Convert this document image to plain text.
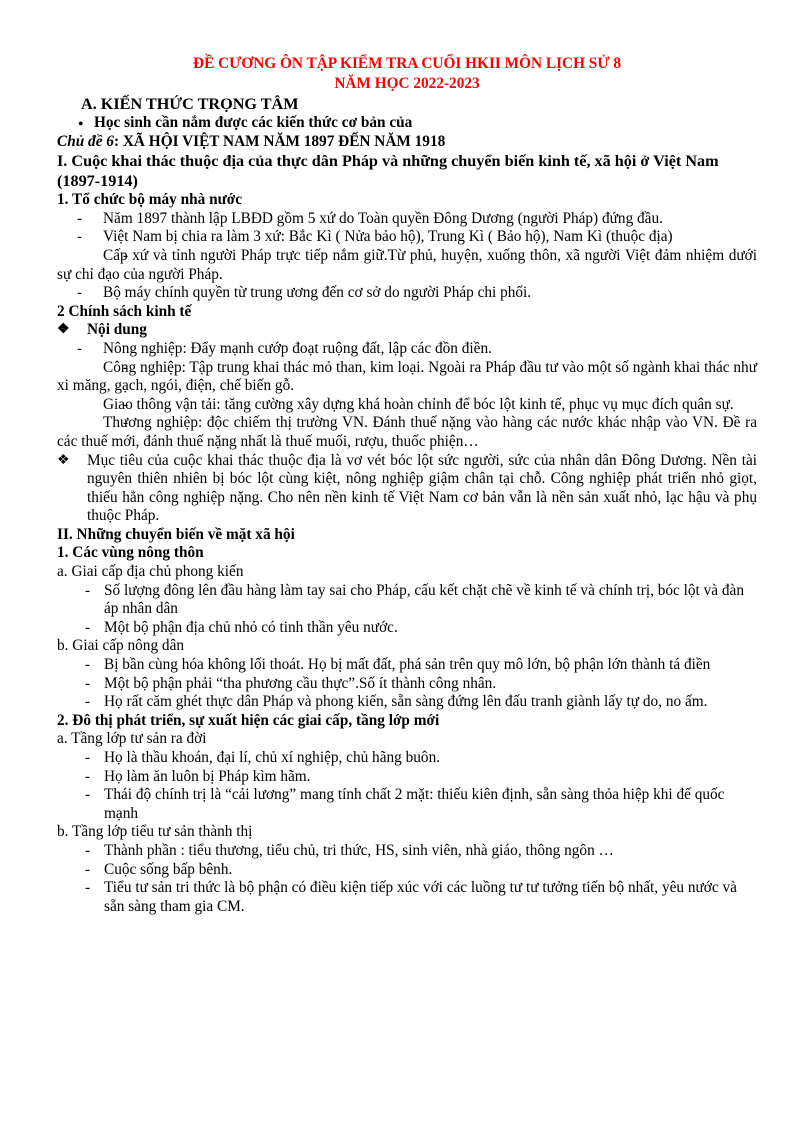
ĐỀ CƯƠNG ÔN TẬP KIỂM TRA CUỐI HKII MÔN LỊCH SỬ 8

NĂM HỌC 2022-2023

A. KIẾN THỨC TRỌNG TÂM

● Học sinh cần nắm được các kiến thức cơ bản của

Chủ đề 6: XÃ HỘI VIỆT NAM NĂM 1897 ĐẾN NĂM 1918

I. Cuộc khai thác thuộc địa của thực dân Pháp và những chuyển biến kinh tế, xã hội ở Việt Nam (1897-1914)

1. Tổ chức bộ máy nhà nước

- Năm 1897 thành lập LBĐD gồm 5 xứ do Toàn quyền Đông Dương (người Pháp) đứng đầu.

- Việt Nam bị chia ra làm 3 xứ: Bắc Kì ( Nửa bảo hộ), Trung Kì ( Bảo hộ), Nam Kì (thuộc địa)

- Cấp xứ và tỉnh người Pháp trực tiếp nắm giữ.Từ phủ, huyện, xuống thôn, xã người Việt đảm nhiệm dưới sự chỉ đạo của người Pháp.

- Bộ máy chính quyền từ trung ương đến cơ sở do người Pháp chi phối.

2 Chính sách kinh tế

❖ Nội dung

- Nông nghiệp: Đẩy mạnh cướp đoạt ruộng đất, lập các đồn điền.

- Công nghiệp: Tập trung khai thác mỏ than, kim loại. Ngoài ra Pháp đầu tư vào một số ngành khai thác như xi măng, gạch, ngói, điện, chế biến gỗ.

- Giao thông vận tải: tăng cường xây dựng khá hoàn chỉnh để bóc lột kinh tế, phục vụ mục đích quân sự.

- Thương nghiệp: độc chiếm thị trường VN. Đánh thuế nặng vào hàng các nước khác nhập vào VN. Đề ra các thuế mới, đánh thuế nặng nhất là thuế muối, rượu, thuốc phiện…

❖ Mục tiêu của cuộc khai thác thuộc địa là vơ vét bóc lột sức người, sức của nhân dân Đông Dương. Nền tài nguyên thiên nhiên bị bóc lột cùng kiệt, nông nghiệp giậm chân tại chỗ. Công nghiệp phát triển nhỏ giọt, thiếu hẳn công nghiệp nặng. Cho nên nền kinh tế Việt Nam cơ bản vẫn là nền sản xuất nhỏ, lạc hậu và phụ thuộc Pháp.

II. Những chuyển biến về mặt xã hội

1. Các vùng nông thôn

a. Giai cấp địa chủ phong kiến

- Số lượng đông lên đầu hàng làm tay sai cho Pháp, cấu kết chặt chẽ về kinh tế và chính trị, bóc lột và đàn áp nhân dân

- Một bộ phận địa chủ nhỏ có tinh thần yêu nước.

b. Giai cấp nông dân

- Bị bần cùng hóa không lối thoát. Họ bị mất đất, phá sản trên quy mô lớn, bộ phận lớn thành tá điền

- Một bộ phận phải “tha phương cầu thực”.Số ít thành công nhân.

- Họ rất căm ghét thực dân Pháp và phong kiến, sẵn sàng đứng lên đấu tranh giành lấy tự do, no ấm.

2. Đô thị phát triển, sự xuất hiện các giai cấp, tầng lớp mới

a. Tầng lớp tư sản ra đời

- Họ là thầu khoán, đại lí, chủ xí nghiệp, chủ hãng buôn.

- Họ làm ăn luôn bị Pháp kìm hãm.

- Thái độ chính trị là “cải lương” mang tính chất 2 mặt: thiếu kiên định, sẵn sàng thỏa hiệp khi đế quốc mạnh

b. Tầng lớp tiểu tư sản thành thị

- Thành phần : tiểu thương, tiểu chủ, tri thức, HS, sinh viên, nhà giáo, thông ngôn …

- Cuộc sống bấp bênh.

- Tiểu tư sản tri thức là bộ phận có điều kiện tiếp xúc với các luồng tư tư tưởng tiến bộ nhất, yêu nước và sẵn sàng tham gia CM.
